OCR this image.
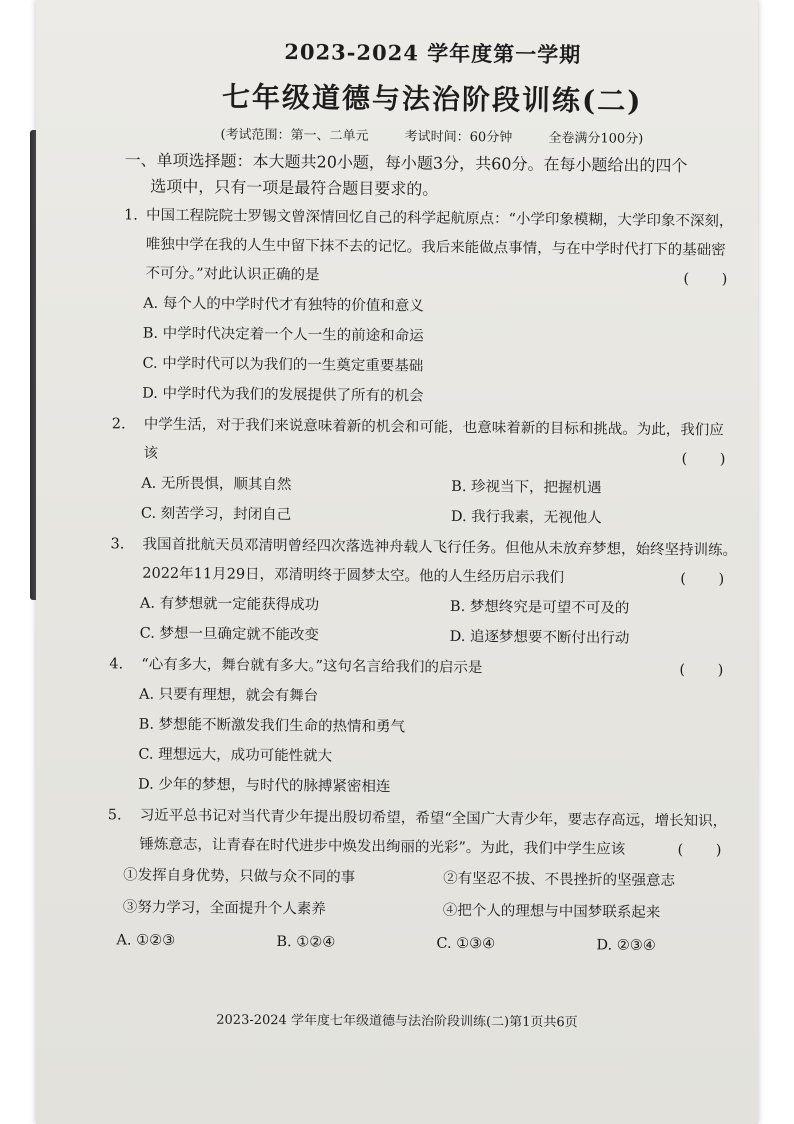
2023-2024 学年度第一学期
七年级道德与法治阶段训练(二)
(考试范围：第一、二单元	考试时间：60分钟	全卷满分100分)
一、单项选择题：本大题共20小题，每小题3分，共60分。在每小题给出的四个
选项中，只有一项是最符合题目要求的。
1. 中国工程院院士罗锡文曾深情回忆自己的科学起航原点：“小学印象模糊，大学印象不深刻，
唯独中学在我的人生中留下抹不去的记忆。我后来能做点事情，与在中学时代打下的基础密
不可分。”对此认识正确的是	( )
A. 每个人的中学时代才有独特的价值和意义
B. 中学时代决定着一个人一生的前途和命运
C. 中学时代可以为我们的一生奠定重要基础
D. 中学时代为我们的发展提供了所有的机会
2. 中学生活，对于我们来说意味着新的机会和可能，也意味着新的目标和挑战。为此，我们应
该	( )
A. 无所畏惧，顺其自然	B. 珍视当下，把握机遇
C. 刻苦学习，封闭自己	D. 我行我素，无视他人
3. 我国首批航天员邓清明曾经四次落选神舟载人飞行任务。但他从未放弃梦想，始终坚持训练。
2022年11月29日，邓清明终于圆梦太空。他的人生经历启示我们	( )
A. 有梦想就一定能获得成功	B. 梦想终究是可望不可及的
C. 梦想一旦确定就不能改变	D. 追逐梦想要不断付出行动
4. “心有多大，舞台就有多大。”这句名言给我们的启示是	( )
A. 只要有理想，就会有舞台
B. 梦想能不断激发我们生命的热情和勇气
C. 理想远大，成功可能性就大
D. 少年的梦想，与时代的脉搏紧密相连
5. 习近平总书记对当代青少年提出殷切希望，希望“全国广大青少年，要志存高远，增长知识，
锤炼意志，让青春在时代进步中焕发出绚丽的光彩”。为此，我们中学生应该	( )
①发挥自身优势，只做与众不同的事	②有坚忍不拔、不畏挫折的坚强意志
③努力学习，全面提升个人素养	④把个人的理想与中国梦联系起来
A. ①②③	B. ①②④	C. ①③④	D. ②③④
2023-2024 学年度七年级道德与法治阶段训练(二)第1页共6页
